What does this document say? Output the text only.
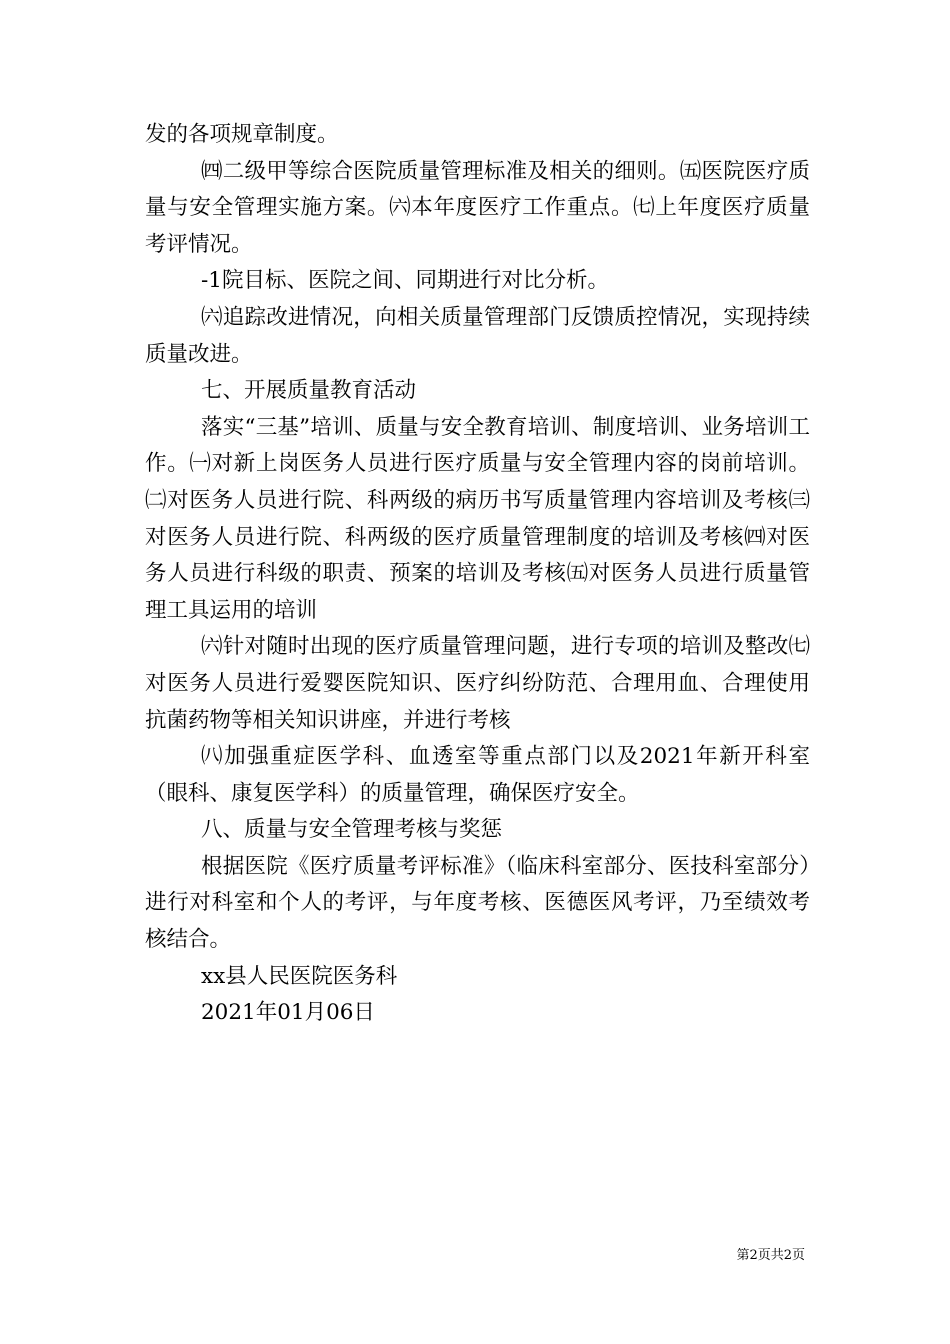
发的各项规章制度。

㈣二级甲等综合医院质量管理标准及相关的细则。㈤医院医疗质量与安全管理实施方案。㈥本年度医疗工作重点。㈦上年度医疗质量考评情况。

-1院目标、医院之间、同期进行对比分析。

㈥追踪改进情况，向相关质量管理部门反馈质控情况，实现持续质量改进。

七、开展质量教育活动

落实“三基”培训、质量与安全教育培训、制度培训、业务培训工作。㈠对新上岗医务人员进行医疗质量与安全管理内容的岗前培训。㈡对医务人员进行院、科两级的病历书写质量管理内容培训及考核㈢对医务人员进行院、科两级的医疗质量管理制度的培训及考核㈣对医务人员进行科级的职责、预案的培训及考核㈤对医务人员进行质量管理工具运用的培训

㈥针对随时出现的医疗质量管理问题，进行专项的培训及整改㈦对医务人员进行爱婴医院知识、医疗纠纷防范、合理用血、合理使用抗菌药物等相关知识讲座，并进行考核

㈧加强重症医学科、血透室等重点部门以及2021年新开科室（眼科、康复医学科）的质量管理，确保医疗安全。

八、质量与安全管理考核与奖惩

根据医院《医疗质量考评标准》（临床科室部分、医技科室部分）进行对科室和个人的考评，与年度考核、医德医风考评，乃至绩效考核结合。

xx县人民医院医务科

2021年01月06日

第2页共2页
